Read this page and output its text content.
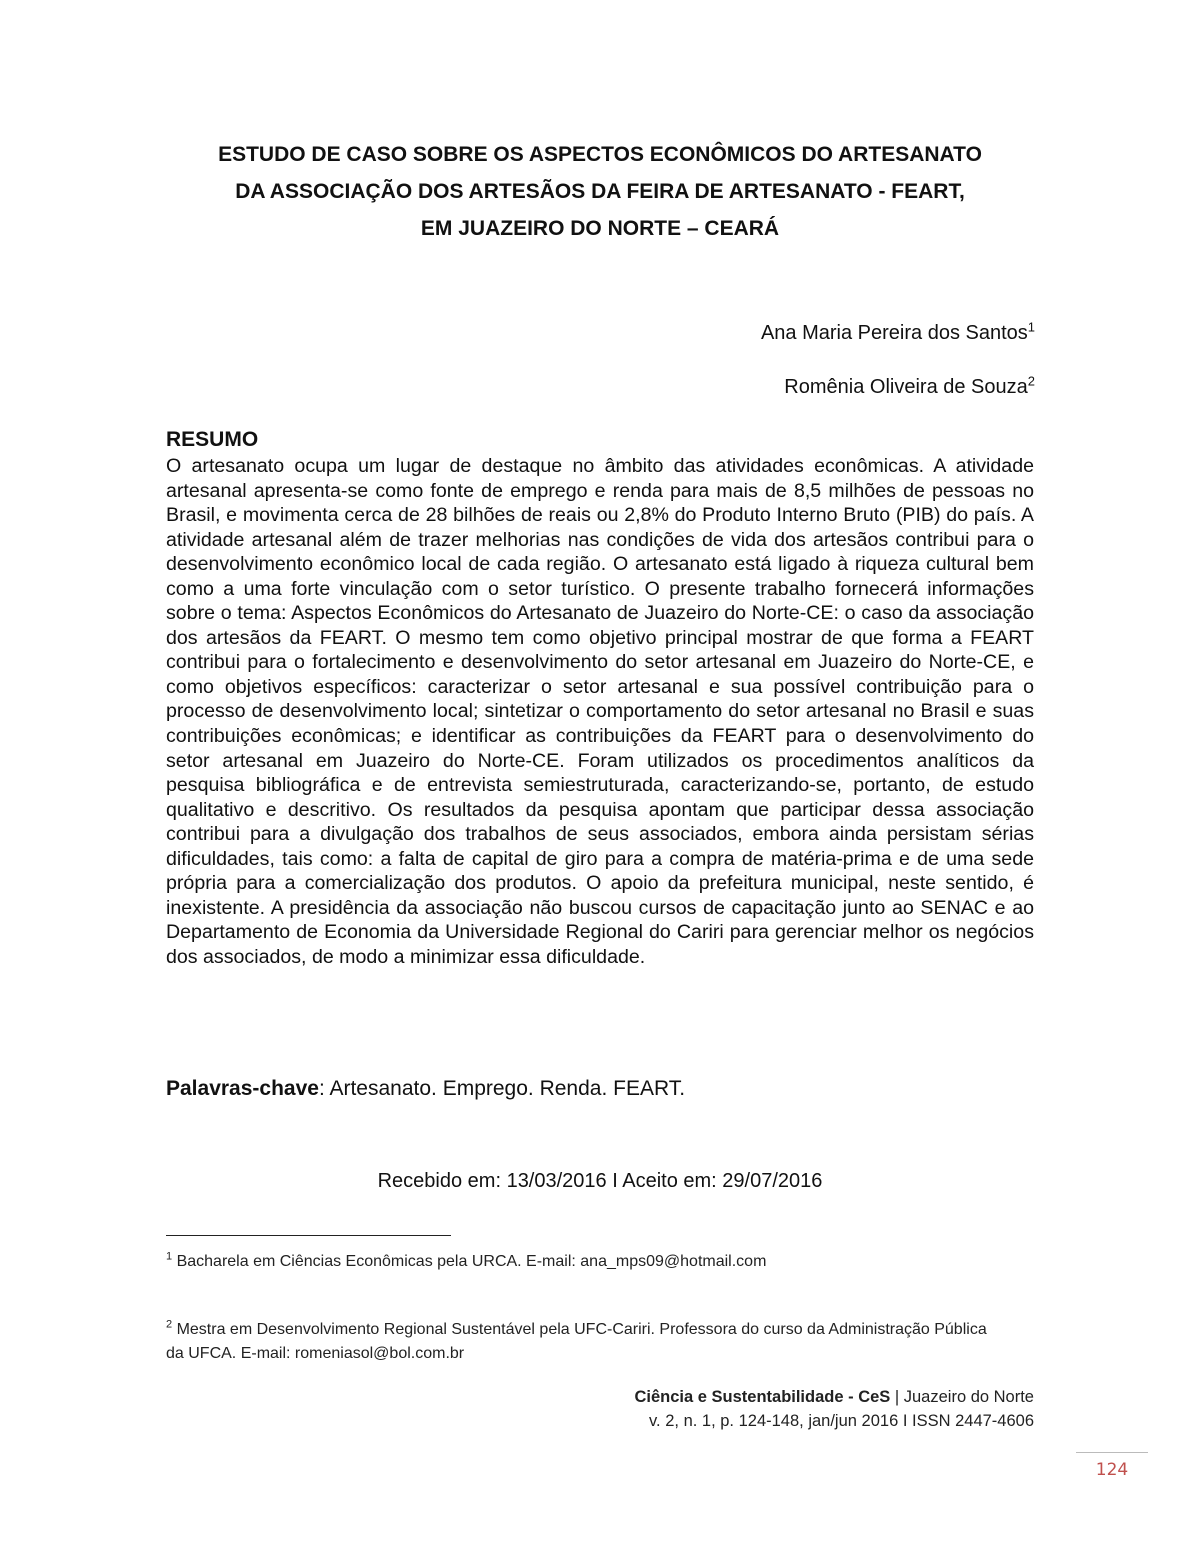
ESTUDO DE CASO SOBRE OS ASPECTOS ECONÔMICOS DO ARTESANATO
DA ASSOCIAÇÃO DOS ARTESÃOS DA FEIRA DE ARTESANATO - FEART,
EM JUAZEIRO DO NORTE – CEARÁ
Ana Maria Pereira dos Santos$^1$
Romênia Oliveira de Souza$^2$
RESUMO
O artesanato ocupa um lugar de destaque no âmbito das atividades econômicas. A atividade artesanal apresenta-se como fonte de emprego e renda para mais de 8,5 milhões de pessoas no Brasil, e movimenta cerca de 28 bilhões de reais ou 2,8% do Produto Interno Bruto (PIB) do país. A atividade artesanal além de trazer melhorias nas condições de vida dos artesãos contribui para o desenvolvimento econômico local de cada região. O artesanato está ligado à riqueza cultural bem como a uma forte vinculação com o setor turístico. O presente trabalho fornecerá informações sobre o tema: Aspectos Econômicos do Artesanato de Juazeiro do Norte-CE: o caso da associação dos artesãos da FEART. O mesmo tem como objetivo principal mostrar de que forma a FEART contribui para o fortalecimento e desenvolvimento do setor artesanal em Juazeiro do Norte-CE, e como objetivos específicos: caracterizar o setor artesanal e sua possível contribuição para o processo de desenvolvimento local; sintetizar o comportamento do setor artesanal no Brasil e suas contribuições econômicas; e identificar as contribuições da FEART para o desenvolvimento do setor artesanal em Juazeiro do Norte-CE. Foram utilizados os procedimentos analíticos da pesquisa bibliográfica e de entrevista semiestruturada, caracterizando-se, portanto, de estudo qualitativo e descritivo. Os resultados da pesquisa apontam que participar dessa associação contribui para a divulgação dos trabalhos de seus associados, embora ainda persistam sérias dificuldades, tais como: a falta de capital de giro para a compra de matéria-prima e de uma sede própria para a comercialização dos produtos. O apoio da prefeitura municipal, neste sentido, é inexistente. A presidência da associação não buscou cursos de capacitação junto ao SENAC e ao Departamento de Economia da Universidade Regional do Cariri para gerenciar melhor os negócios dos associados, de modo a minimizar essa dificuldade.
Palavras-chave: Artesanato. Emprego. Renda. FEART.
Recebido em: 13/03/2016 I Aceito em: 29/07/2016
$^1$ Bacharela em Ciências Econômicas pela URCA. E-mail: ana_mps09@hotmail.com
$^2$ Mestra em Desenvolvimento Regional Sustentável pela UFC-Cariri. Professora do curso da Administração Pública da UFCA. E-mail: romeniasol@bol.com.br
Ciência e Sustentabilidade - CeS | Juazeiro do Norte
v. 2, n. 1, p. 124-148, jan/jun 2016 I ISSN 2447-4606
124
